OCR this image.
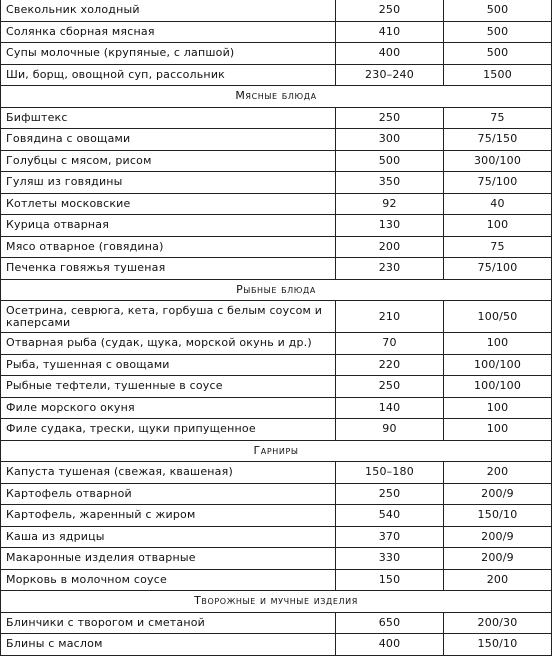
Свекольник холодный	250	500
Солянка сборная мясная	410	500
Супы молочные (крупяные, с лапшой)	400	500
Ши, борщ, овощной суп, рассольник	230–240	1500
Мясные блюда		
Бифштекс	250	75
Говядина с овощами	300	75/150
Голубцы с мясом, рисом	500	300/100
Гуляш из говядины	350	75/100
Котлеты московские	92	40
Курица отварная	130	100
Мясо отварное (говядина)	200	75
Печенка говяжья тушеная	230	75/100
Рыбные блюда		
Осетрина, севрюга, кета, горбуша с белым соусом и каперсами	210	100/50
Отварная рыба (судак, щука, морской окунь и др.)	70	100
Рыба, тушенная с овощами	220	100/100
Рыбные тефтели, тушенные в соусе	250	100/100
Филе морского окуня	140	100
Филе судака, трески, щуки припущенное	90	100
Гарниры		
Капуста тушеная (свежая, квашеная)	150–180	200
Картофель отварной	250	200/9
Картофель, жаренный с жиром	540	150/10
Каша из ядрицы	370	200/9
Макаронные изделия отварные	330	200/9
Морковь в молочном соусе	150	200
Творожные и мучные изделия		
Блинчики с творогом и сметаной	650	200/30
Блины с маслом	400	150/10
